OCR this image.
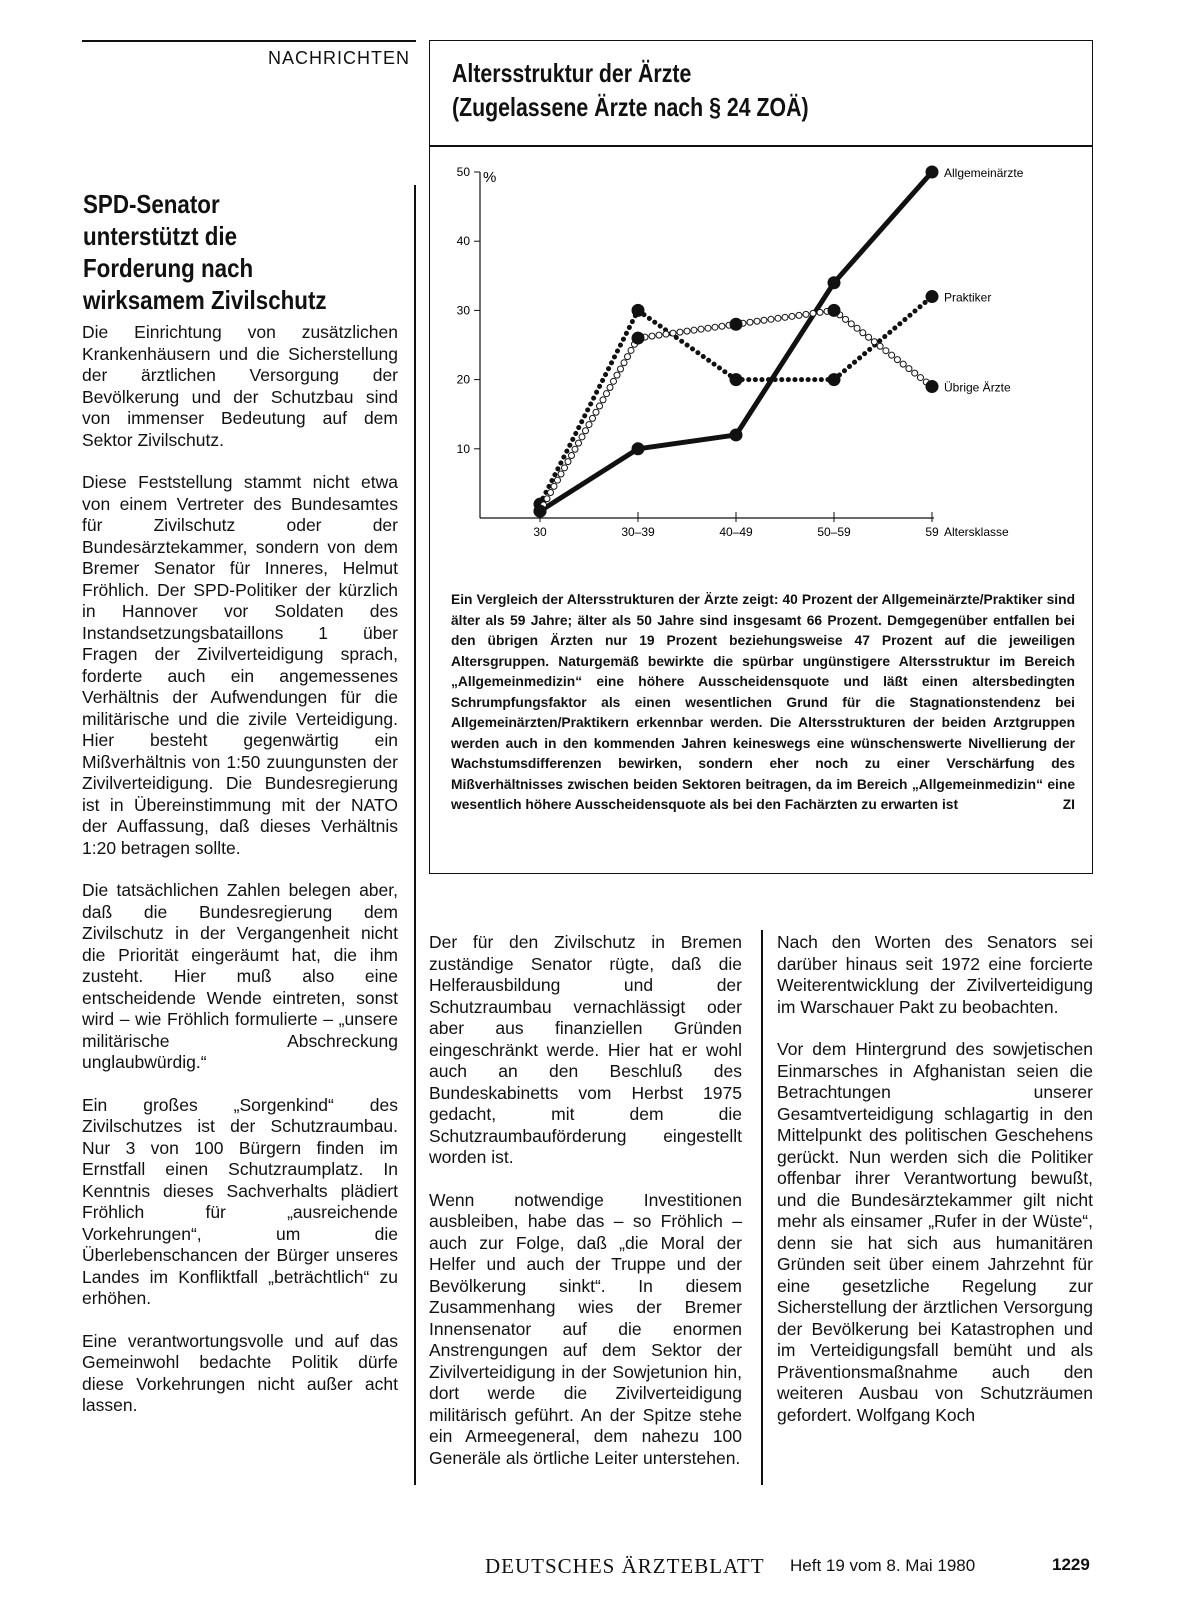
NACHRICHTEN
SPD-Senator unterstützt die Forderung nach wirksamem Zivilschutz

Die Einrichtung von zusätzlichen Krankenhäusern und die Sicherstellung der ärztlichen Versorgung der Bevölkerung und der Schutzbau sind von immenser Bedeutung auf dem Sektor Zivilschutz.

Diese Feststellung stammt nicht etwa von einem Vertreter des Bundesamtes für Zivilschutz oder der Bundesärztekammer, sondern von dem Bremer Senator für Inneres, Helmut Fröhlich. Der SPD-Politiker der kürzlich in Hannover vor Soldaten des Instandsetzungsbataillons 1 über Fragen der Zivilverteidigung sprach, forderte auch ein angemessenes Verhältnis der Aufwendungen für die militärische und die zivile Verteidigung. Hier besteht gegenwärtig ein Mißverhältnis von 1:50 zuungunsten der Zivilverteidigung. Die Bundesregierung ist in Übereinstimmung mit der NATO der Auffassung, daß dieses Verhältnis 1:20 betragen sollte.

Die tatsächlichen Zahlen belegen aber, daß die Bundesregierung dem Zivilschutz in der Vergangenheit nicht die Priorität eingeräumt hat, die ihm zusteht. Hier muß also eine entscheidende Wende eintreten, sonst wird – wie Fröhlich formulierte – „unsere militärische Abschreckung unglaubwürdig.“

Ein großes „Sorgenkind“ des Zivilschutzes ist der Schutzraumbau. Nur 3 von 100 Bürgern finden im Ernstfall einen Schutzraumplatz. In Kenntnis dieses Sachverhalts plädiert Fröhlich für „ausreichende Vorkehrungen“, um die Überlebenschancen der Bürger unseres Landes im Konfliktfall „beträchtlich“ zu erhöhen.

Eine verantwortungsvolle und auf das Gemeinwohl bedachte Politik dürfe diese Vorkehrungen nicht außer acht lassen.

Altersstruktur der Ärzte
(Zugelassene Ärzte nach § 24 ZOÄ)
10
20
30
40
50 %
30	30–39	40–49	50–59	59 Altersklasse
Allgemeinärzte
Praktiker
Übrige Ärzte
Ein Vergleich der Altersstrukturen der Ärzte zeigt: 40 Prozent der Allgemeinärzte/Praktiker sind älter als 59 Jahre; älter als 50 Jahre sind insgesamt 66 Prozent. Demgegenüber entfallen bei den übrigen Ärzten nur 19 Prozent beziehungsweise 47 Prozent auf die jeweiligen Altersgruppen. Naturgemäß bewirkte die spürbar ungünstigere Altersstruktur im Bereich „Allgemeinmedizin“ eine höhere Ausscheidensquote und läßt einen altersbedingten Schrumpfungsfaktor als einen wesentlichen Grund für die Stagnationstendenz bei Allgemeinärzten/Praktikern erkennbar werden. Die Altersstrukturen der beiden Arztgruppen werden auch in den kommenden Jahren keineswegs eine wünschenswerte Nivellierung der Wachstumsdifferenzen bewirken, sondern eher noch zu einer Verschärfung des Mißverhältnisses zwischen beiden Sektoren beitragen, da im Bereich „Allgemeinmedizin“ eine wesentlich höhere Ausscheidensquote als bei den Fachärzten zu erwarten ist	ZI

Der für den Zivilschutz in Bremen zuständige Senator rügte, daß die Helferausbildung und der Schutzraumbau vernachlässigt oder aber aus finanziellen Gründen eingeschränkt werde. Hier hat er wohl auch an den Beschluß des Bundeskabinetts vom Herbst 1975 gedacht, mit dem die Schutzraumbauförderung eingestellt worden ist.

Wenn notwendige Investitionen ausbleiben, habe das – so Fröhlich – auch zur Folge, daß „die Moral der Helfer und auch der Truppe und der Bevölkerung sinkt“. In diesem Zusammenhang wies der Bremer Innensenator auf die enormen Anstrengungen auf dem Sektor der Zivilverteidigung in der Sowjetunion hin, dort werde die Zivilverteidigung militärisch geführt. An der Spitze stehe ein Armeegeneral, dem nahezu 100 Generäle als örtliche Leiter unterstehen.

Nach den Worten des Senators sei darüber hinaus seit 1972 eine forcierte Weiterentwicklung der Zivilverteidigung im Warschauer Pakt zu beobachten.

Vor dem Hintergrund des sowjetischen Einmarsches in Afghanistan seien die Betrachtungen unserer Gesamtverteidigung schlagartig in den Mittelpunkt des politischen Geschehens gerückt. Nun werden sich die Politiker offenbar ihrer Verantwortung bewußt, und die Bundesärztekammer gilt nicht mehr als einsamer „Rufer in der Wüste“, denn sie hat sich aus humanitären Gründen seit über einem Jahrzehnt für eine gesetzliche Regelung zur Sicherstellung der ärztlichen Versorgung der Bevölkerung bei Katastrophen und im Verteidigungsfall bemüht und als Präventionsmaßnahme auch den weiteren Ausbau von Schutzräumen gefordert. Wolfgang Koch

DEUTSCHES ÄRZTEBLATT Heft 19 vom 8. Mai 1980	1229
